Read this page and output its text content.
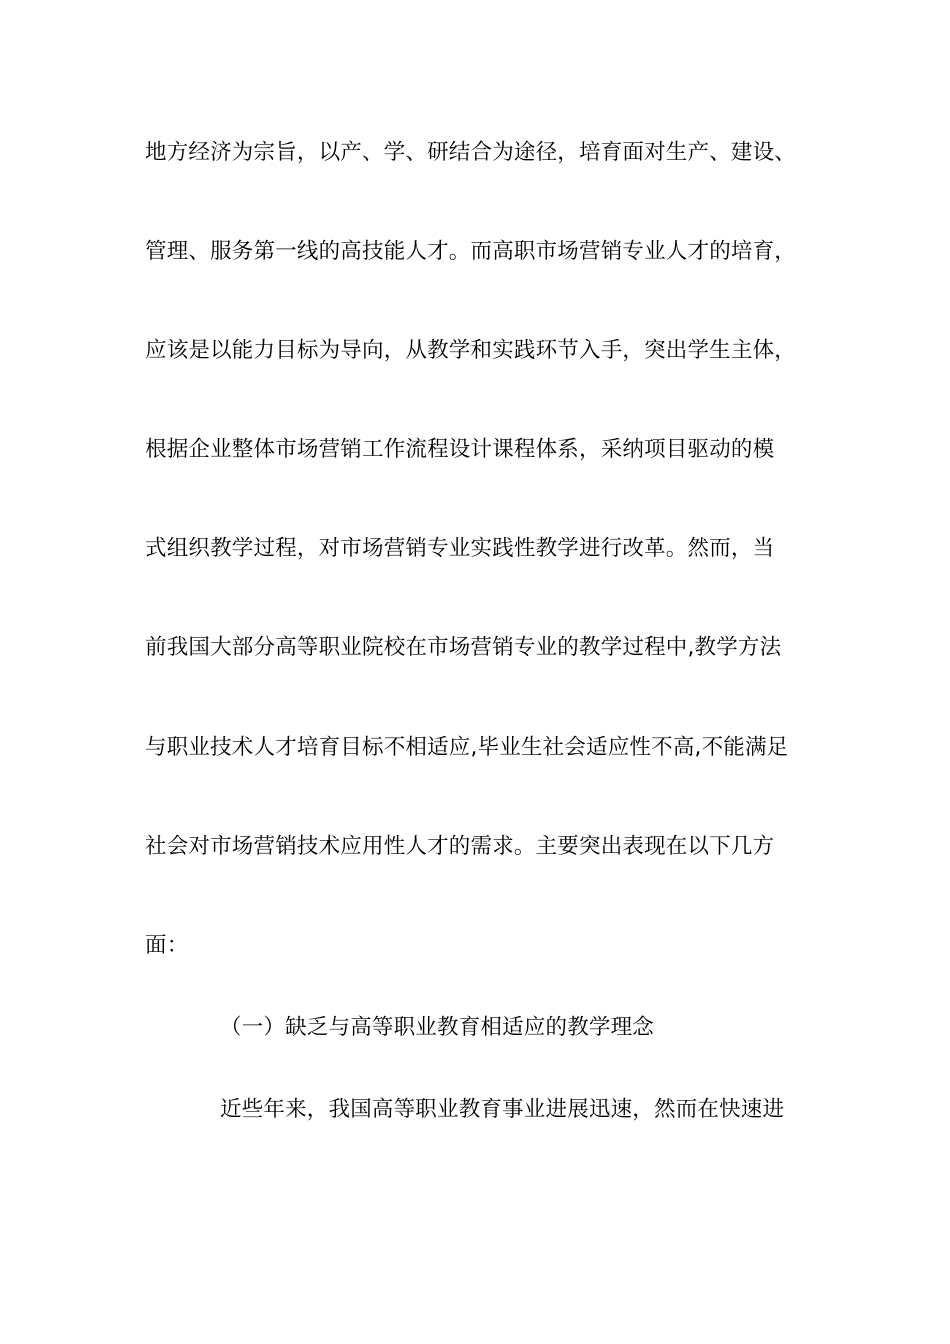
地方经济为宗旨，以产、学、研结合为途径，培育面对生产、建设、
管理、服务第一线的高技能人才。而高职市场营销专业人才的培育，
应该是以能力目标为导向，从教学和实践环节入手，突出学生主体，
根据企业整体市场营销工作流程设计课程体系，采纳项目驱动的模
式组织教学过程，对市场营销专业实践性教学进行改革。然而，当
前我国大部分高等职业院校在市场营销专业的教学过程中,教学方法
与职业技术人才培育目标不相适应,毕业生社会适应性不高,不能满足
社会对市场营销技术应用性人才的需求。主要突出表现在以下几方
面：
（一）缺乏与高等职业教育相适应的教学理念
近些年来，我国高等职业教育事业进展迅速，然而在快速进
